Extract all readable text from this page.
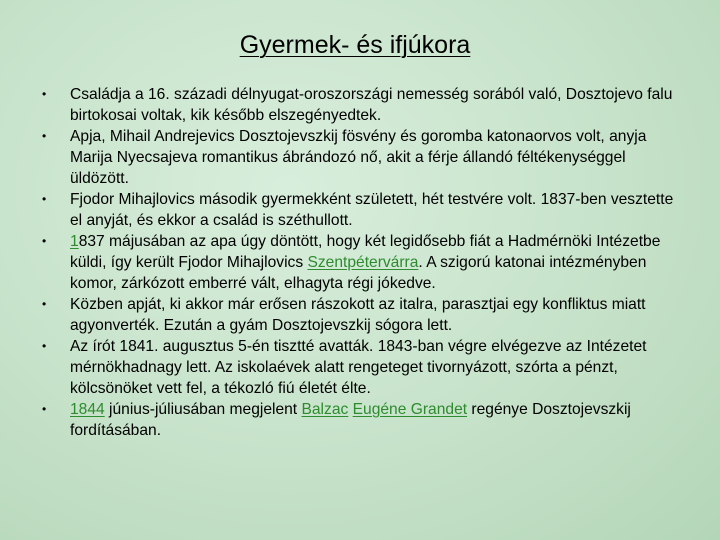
Gyermek- és ifjúkora
• Családja a 16. századi délnyugat-oroszországi nemesség sorából való, Dosztojevo falu birtokosai voltak, kik később elszegényedtek.
• Apja, Mihail Andrejevics Dosztojevszkij fösvény és goromba katonaorvos volt, anyja Marija Nyecsajeva romantikus ábrándozó nő, akit a férje állandó féltékenységgel üldözött.
• Fjodor Mihajlovics második gyermekként született, hét testvére volt. 1837-ben vesztette el anyját, és ekkor a család is széthullott.
• 1837 májusában az apa úgy döntött, hogy két legidősebb fiát a Hadmérnöki Intézetbe küldi, így került Fjodor Mihajlovics Szentpétervárra. A szigorú katonai intézményben komor, zárkózott emberré vált, elhagyta régi jókedve.
• Közben apját, ki akkor már erősen rászokott az italra, parasztjai egy konfliktus miatt agyonverték. Ezután a gyám Dosztojevszkij sógora lett.
• Az írót 1841. augusztus 5-én tisztté avatták. 1843-ban végre elvégezve az Intézetet mérnökhadnagy lett. Az iskolaévek alatt rengeteget tivornyázott, szórta a pénzt, kölcsönöket vett fel, a tékozló fiú életét élte.
• 1844 június-júliusában megjelent Balzac Eugéne Grandet regénye Dosztojevszkij fordításában.
